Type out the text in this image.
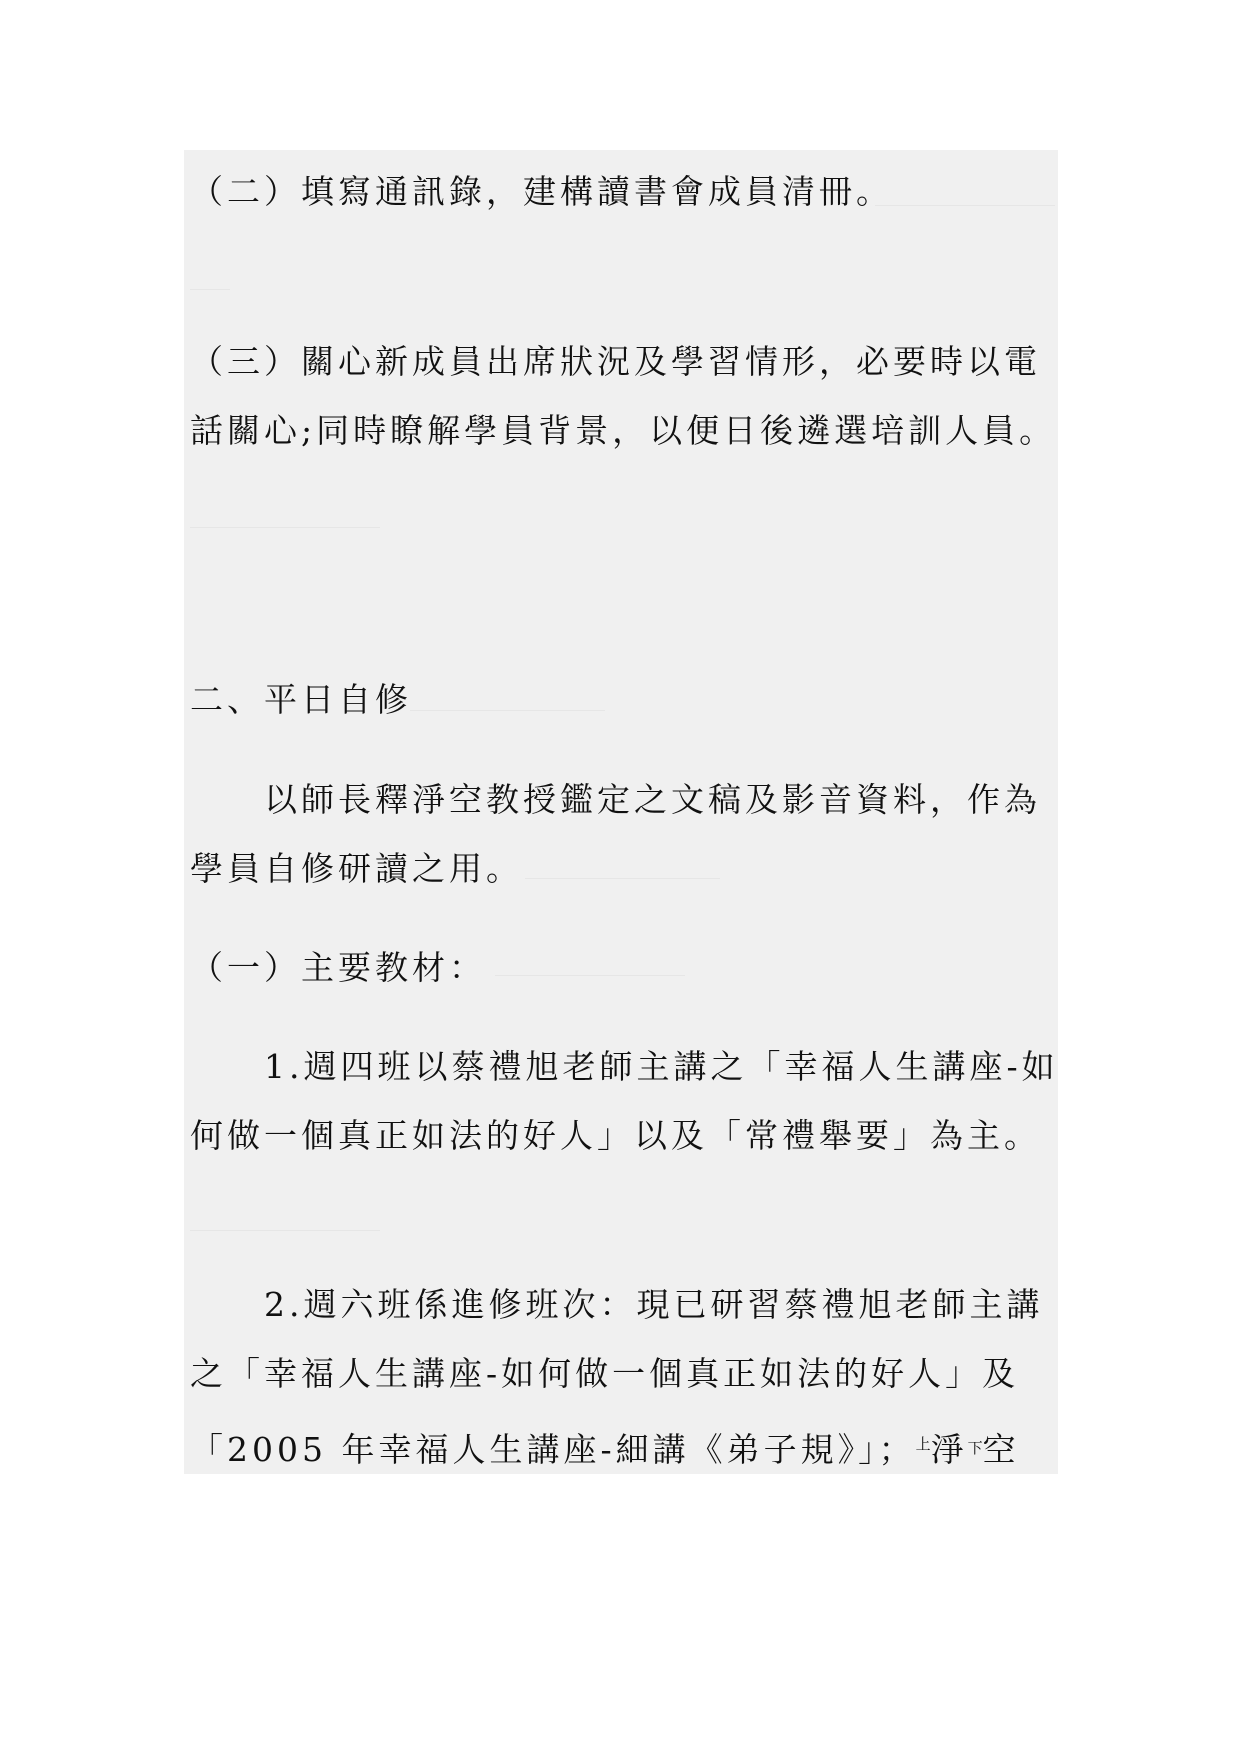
（二）填寫通訊錄，建構讀書會成員清冊。
（三）關心新成員出席狀況及學習情形，必要時以電
話關心;同時瞭解學員背景，以便日後遴選培訓人員。
二、平日自修
以師長釋淨空教授鑑定之文稿及影音資料，作為
學員自修研讀之用。
（一）主要教材：
1.週四班以蔡禮旭老師主講之「幸福人生講座-如
何做一個真正如法的好人」以及「常禮舉要」為主。
2.週六班係進修班次：現已研習蔡禮旭老師主講
之「幸福人生講座-如何做一個真正如法的好人」及
「2005 年幸福人生講座-細講《弟子規》」；$^上$淨$^下$空
